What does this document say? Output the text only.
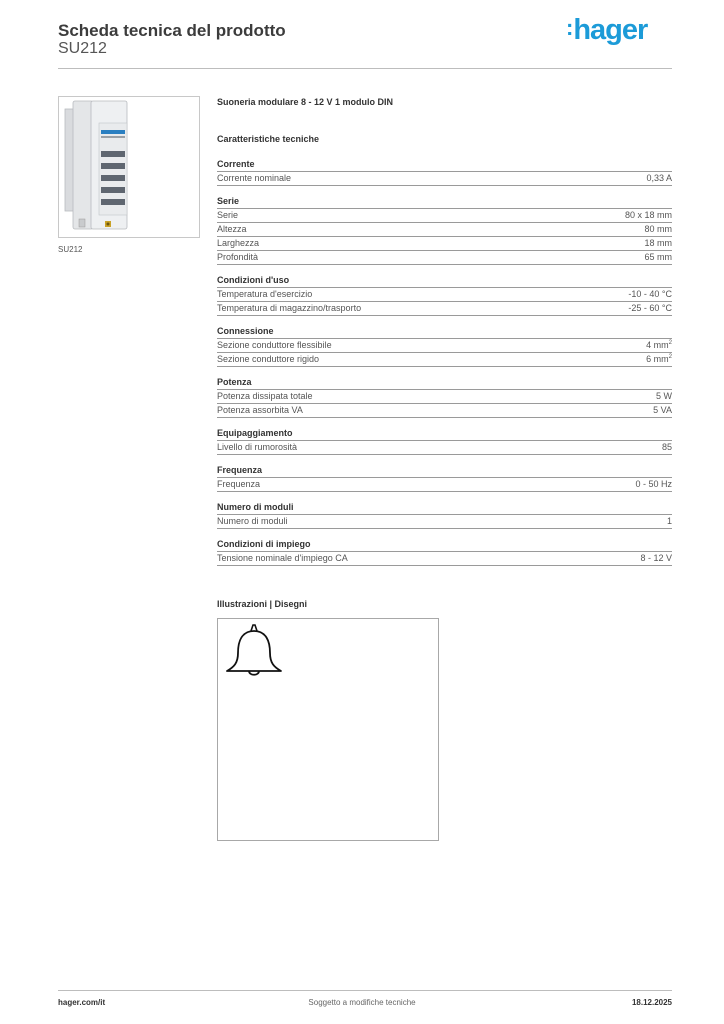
Scheda tecnica del prodotto
SU212
:hager
SU212
Suoneria modulare 8 - 12 V 1 modulo DIN
Caratteristiche tecniche
Corrente
Corrente nominale	0,33 A
Serie
Serie	80 x 18 mm
Altezza	80 mm
Larghezza	18 mm
Profondità	65 mm
Condizioni d'uso
Temperatura d'esercizio	-10 - 40 °C
Temperatura di magazzino/trasporto	-25 - 60 °C
Connessione
Sezione conduttore flessibile	4 $mm^2$
Sezione conduttore rigido	6 $mm^2$
Potenza
Potenza dissipata totale	5 W
Potenza assorbita VA	5 VA
Equipaggiamento
Livello di rumorosità	85
Frequenza
Frequenza	0 - 50 Hz
Numero di moduli
Numero di moduli	1
Condizioni di impiego
Tensione nominale d'impiego CA	8 - 12 V
Illustrazioni | Disegni
hager.com/it	Soggetto a modifiche tecniche	18.12.2025
